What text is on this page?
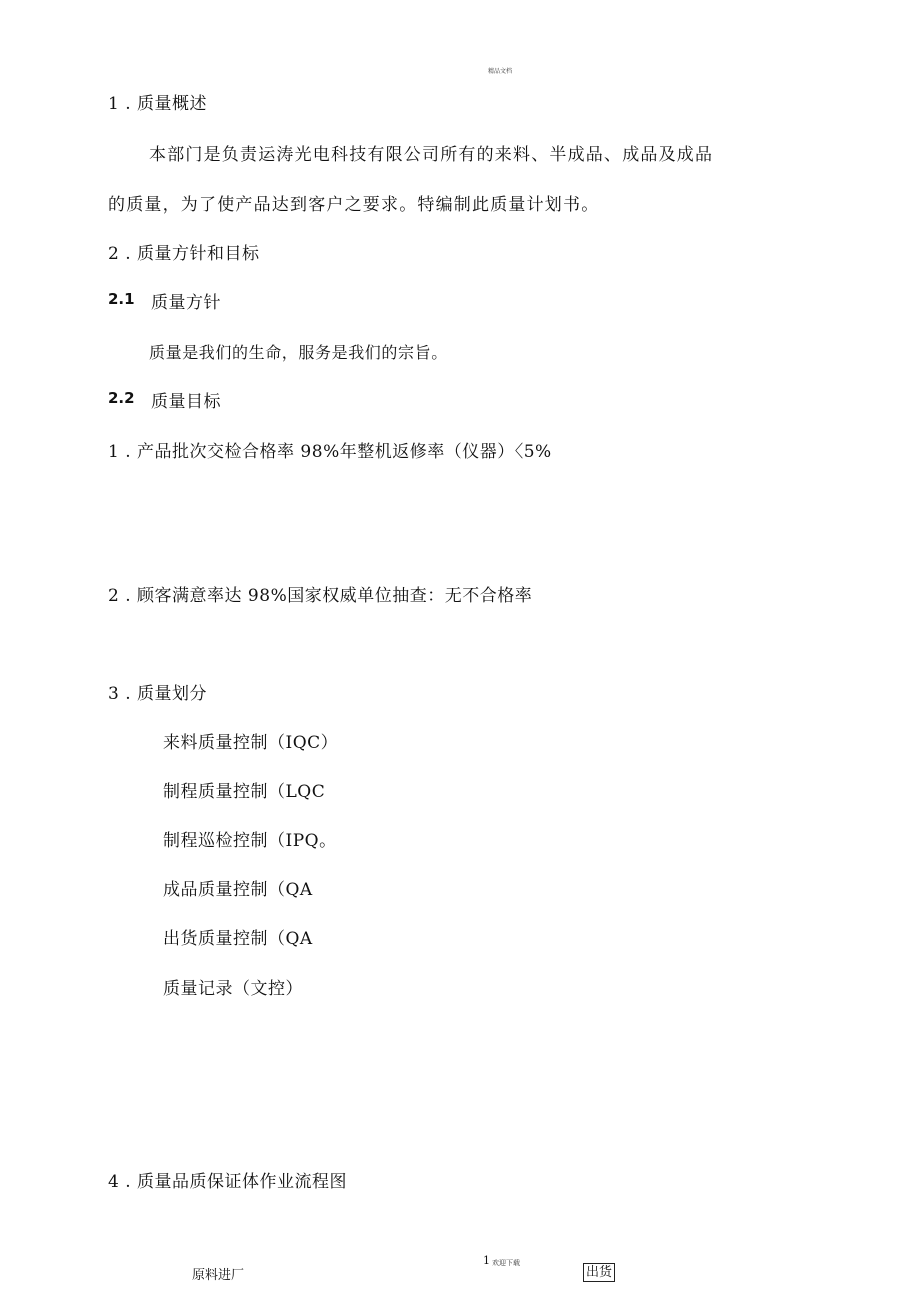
精品文档
1 . 质量概述
本部门是负责运涛光电科技有限公司所有的来料、半成品、成品及成品
的质量，为了使产品达到客户之要求。特编制此质量计划书。
2 . 质量方针和目标
2.1 质量方针
质量是我们的生命，服务是我们的宗旨。
2.2 质量目标
1 . 产品批次交检合格率 98%年整机返修率（仪器）〈5%
2 . 顾客满意率达 98%国家权威单位抽查：无不合格率
3 . 质量划分
来料质量控制（IQC）
制程质量控制（LQC
制程巡检控制（IPQ。
成品质量控制（QA
出货质量控制（QA
质量记录（文控）
4 . 质量品质保证体作业流程图
原料进厂	出货
1 欢迎下载
